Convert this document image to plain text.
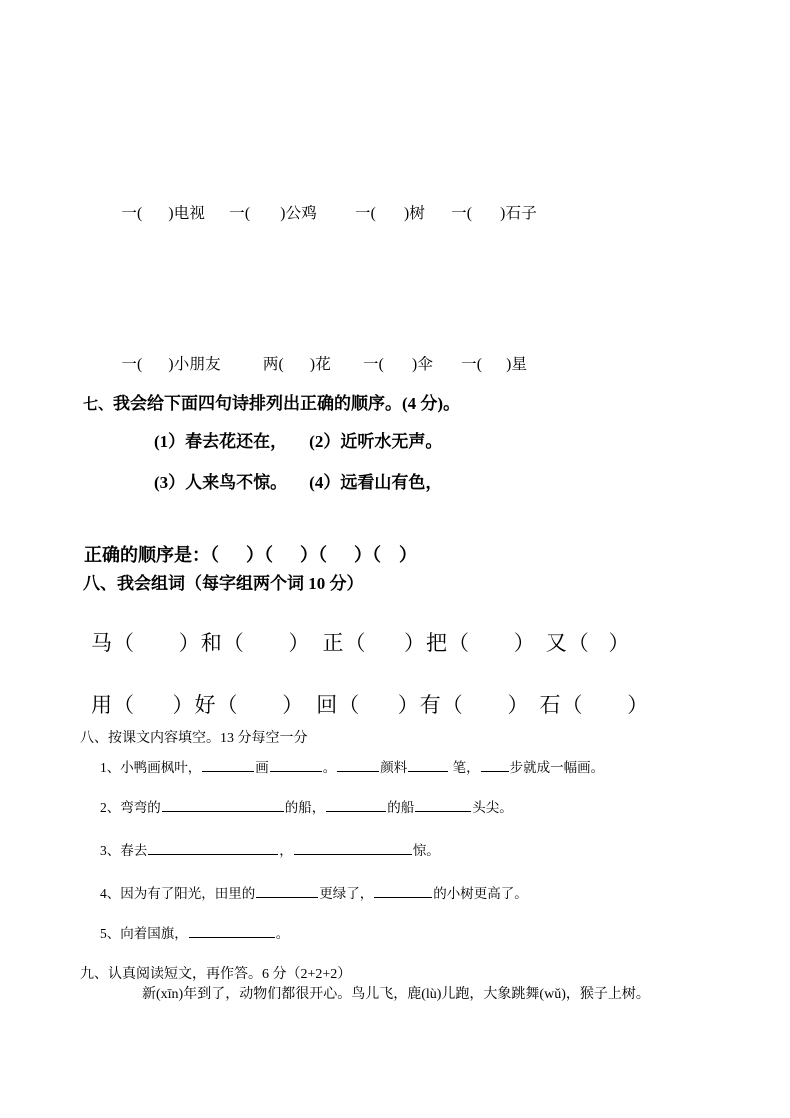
一( )电视 一( )公鸡 一( )树 一( )石子

一( )小朋友	两( )花 一( )伞 一( )星

七、我会给下面四句诗排列出正确的顺序。(4 分)。

(1）春去花还在， (2）近听水无声。

(3）人来鸟不惊。 (4）远看山有色，

正确的顺序是：（      ）（      ）（      ）（    ）

八、我会组词（每字组两个词 10 分）

马（       ）和（       ） 正（      ）把（       ） 又（   ）

用（      ）好（       ） 回（      ）有（       ） 石（       ）

八、按课文内容填空。13 分每空一分

1、小鸭画枫叶，	画	。	颜料	笔， 步就成一幅画。
2、弯弯的	的船，	的船	头尖。
3、春去	，	惊。
4、因为有了阳光，田里的	更绿了，	的小树更高了。
5、向着国旗，	。

九、认真阅读短文，再作答。6 分（2+2+2）

新(xīn)年到了，动物们都很开心。鸟儿飞，鹿(lù)儿跑，大象跳舞(wǔ)，猴子上树。
